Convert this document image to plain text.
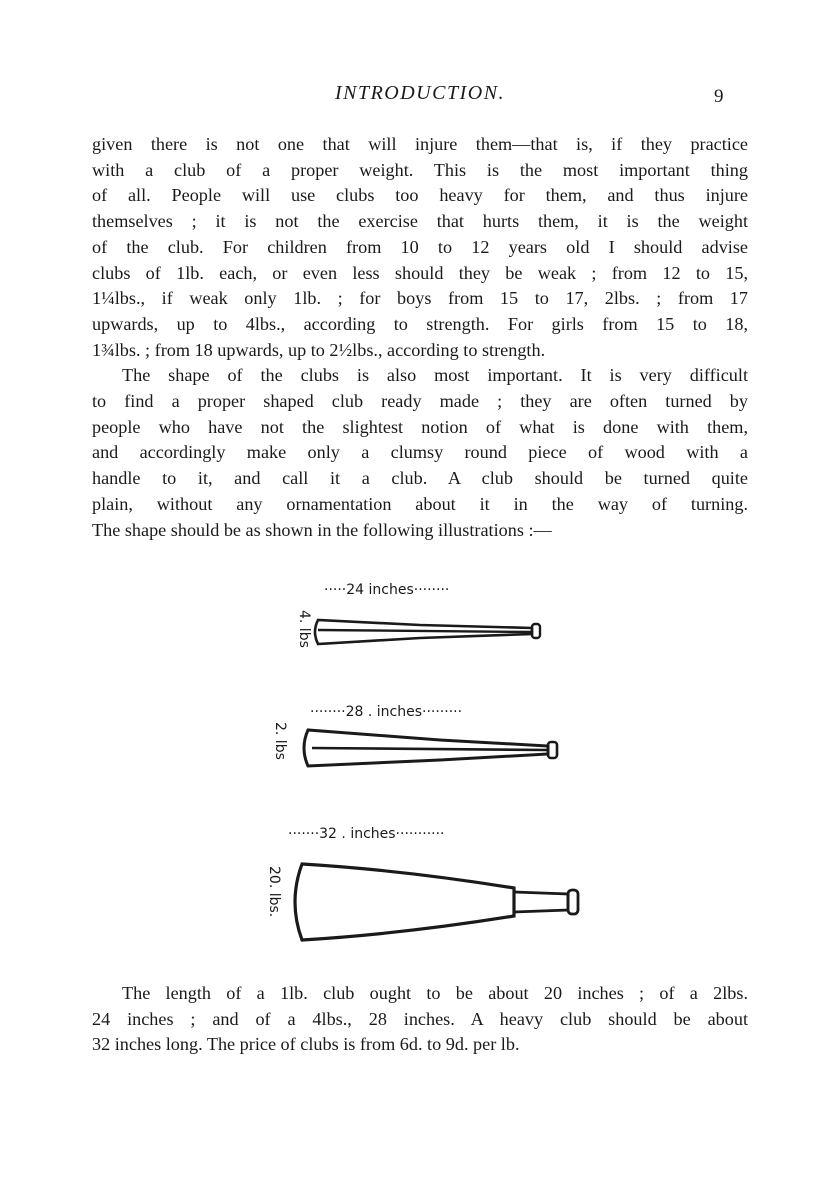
INTRODUCTION.	9
given there is not one that will injure them—that is, if they practice
with a club of a proper weight. This is the most important thing
of all. People will use clubs too heavy for them, and thus injure
themselves ; it is not the exercise that hurts them, it is the weight
of the club. For children from 10 to 12 years old I should advise
clubs of 1lb. each, or even less should they be weak ; from 12 to 15,
1¼lbs., if weak only 1lb. ; for boys from 15 to 17, 2lbs. ; from 17
upwards, up to 4lbs., according to strength. For girls from 15 to 18,
1¾lbs. ; from 18 upwards, up to 2½lbs., according to strength.
The shape of the clubs is also most important. It is very difficult
to find a proper shaped club ready made ; they are often turned by
people who have not the slightest notion of what is done with them,
and accordingly make only a clumsy round piece of wood with a
handle to it, and call it a club. A club should be turned quite
plain, without any ornamentation about it in the way of turning.
The shape should be as shown in the following illustrations :—
·····24 inches········
4. lbs
········28 . inches·········
2. lbs
·······32 . inches···········
20. lbs.
The length of a 1lb. club ought to be about 20 inches ; of a 2lbs.
24 inches ; and of a 4lbs., 28 inches. A heavy club should be about
32 inches long. The price of clubs is from 6d. to 9d. per lb.
